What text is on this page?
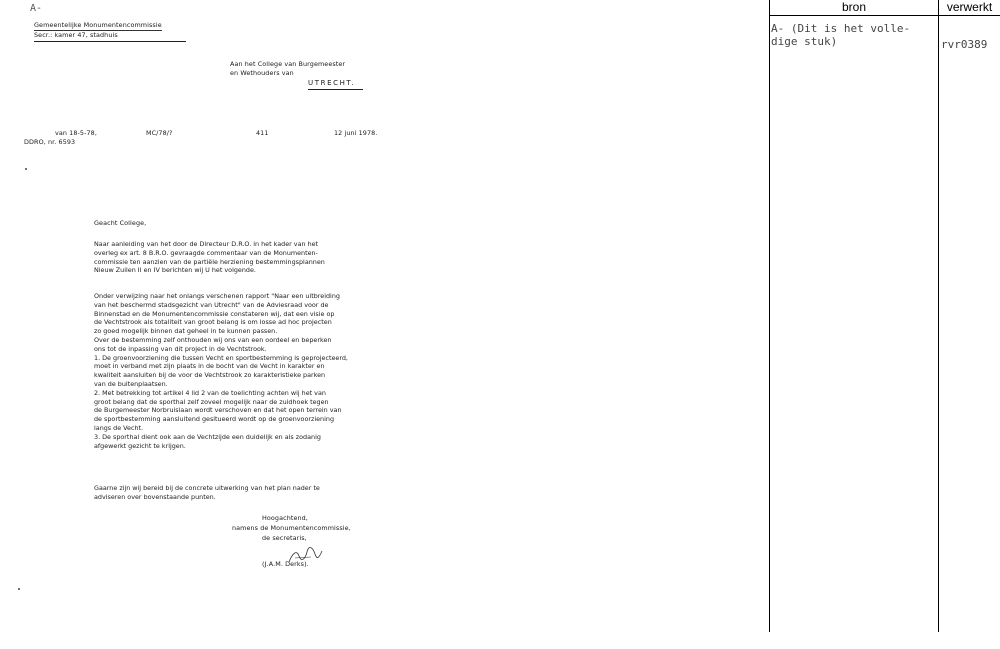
A-
Gemeentelijke Monumentencommissie
Secr.: kamer 47, stadhuis
Aan het College van Burgemeester
en Wethouders van
UTRECHT.
van 18-5-78,
DDRO, nr. 6593
MC/78/?	411	12 juni 1978.
Geacht College,

Naar aanleiding van het door de Directeur D.R.O. in het kader van het

overleg ex art. 8 B.R.O. gevraagde commentaar van de Monumenten-

commissie ten aanzien van de partiële herziening bestemmingsplannen

Nieuw Zuilen II en IV berichten wij U het volgende.

Onder verwijzing naar het onlangs verschenen rapport "Naar een uitbreiding

van het beschermd stadsgezicht van Utrecht" van de Adviesraad voor de

Binnenstad en de Monumentencommissie constateren wij, dat een visie op

de Vechtstrook als totaliteit van groot belang is om losse ad hoc projecten

zo goed mogelijk binnen dat geheel in te kunnen passen.

Over de bestemming zelf onthouden wij ons van een oordeel en beperken

ons tot de inpassing van dit project in de Vechtstrook.

1. De groenvoorziening die tussen Vecht en sportbestemming is geprojecteerd,

moet in verband met zijn plaats in de bocht van de Vecht in karakter en

kwaliteit aansluiten bij de voor de Vechtstrook zo karakteristieke parken

van de buitenplaatsen.

2. Met betrekking tot artikel 4 lid 2 van de toelichting achten wij het van

groot belang dat de sporthal zelf zoveel mogelijk naar de zuidhoek tegen

de Burgemeester Norbruislaan wordt verschoven en dat het open terrein van

de sportbestemming aansluitend gesitueerd wordt op de groenvoorziening

langs de Vecht.

3. De sporthal dient ook aan de Vechtzijde een duidelijk en als zodanig

afgewerkt gezicht te krijgen.

Gaarne zijn wij bereid bij de concrete uitwerking van het plan nader te

adviseren over bovenstaande punten.

Hoogachtend,
namens de Monumentencommissie,
de secretaris,
(J.A.M. Derks).
bron	verwerkt
A- (Dit is het volle-
dige stuk)	rvr0389
